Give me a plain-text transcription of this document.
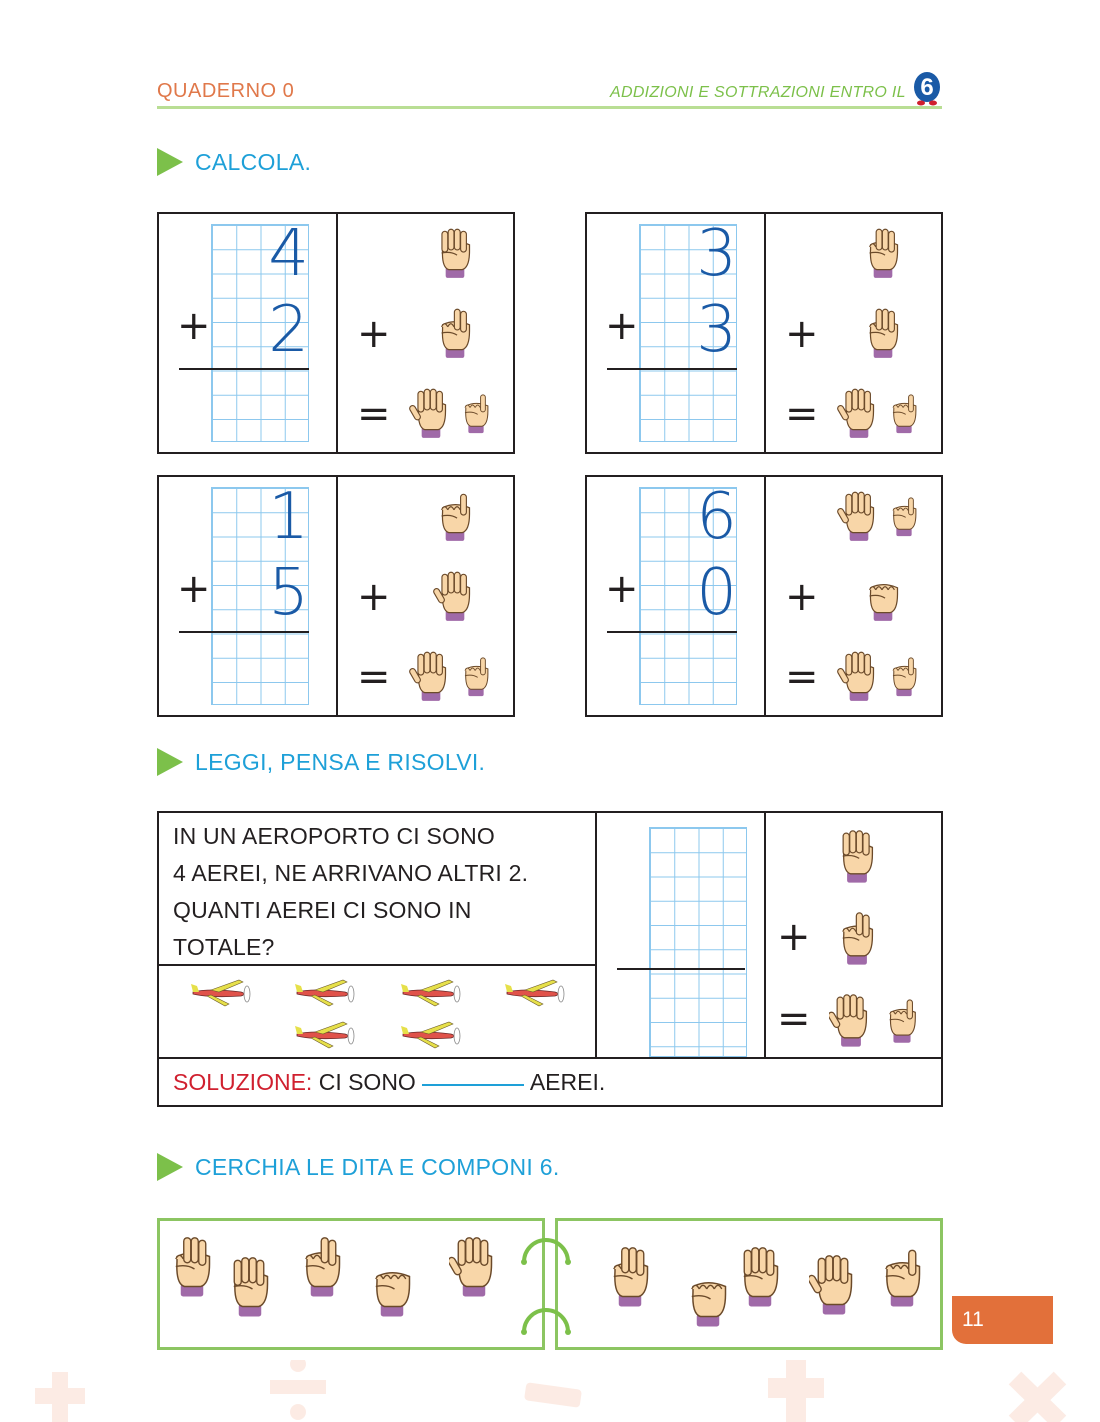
QUADERNO 0	ADDIZIONI E SOTTRAZIONI ENTRO IL 6
CALCOLA.
4
2
+	+
=
3
3
+	+
=
1
5
+	+
=
6
0
+	+
=
LEGGI, PENSA E RISOLVI.
IN UN AEROPORTO CI SONO
4 AEREI, NE ARRIVANO ALTRI 2.
QUANTI AEREI CI SONO IN
TOTALE?	+
=
SOLUZIONE: CI SONO	AEREI.
CERCHIA LE DITA E COMPONI 6.
11
